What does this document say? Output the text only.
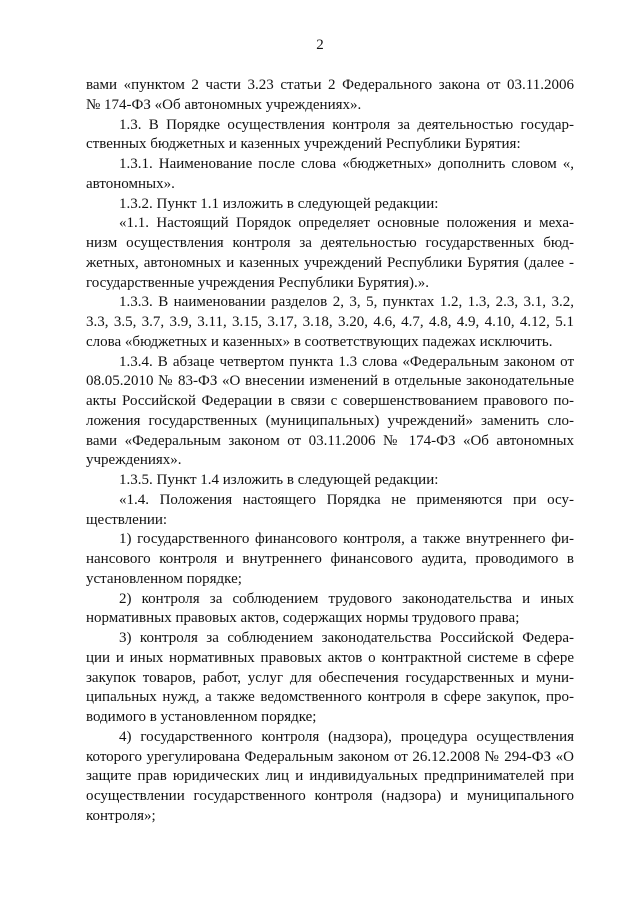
2
вами «пунктом 2 части 3.23 статьи 2 Федерального закона от 03.11.2006
№ 174-ФЗ «Об автономных учреждениях».
1.3. В Порядке осуществления контроля за деятельностью государ-
ственных бюджетных и казенных учреждений Республики Бурятия:
1.3.1. Наименование после слова «бюджетных» дополнить словом «,
автономных».
1.3.2. Пункт 1.1 изложить в следующей редакции:
«1.1. Настоящий Порядок определяет основные положения и меха-
низм осуществления контроля за деятельностью государственных бюд-
жетных, автономных и казенных учреждений Республики Бурятия (далее -
государственные учреждения Республики Бурятия).».
1.3.3. В наименовании разделов 2, 3, 5, пунктах 1.2, 1.3, 2.3, 3.1, 3.2,
3.3, 3.5, 3.7, 3.9, 3.11, 3.15, 3.17, 3.18, 3.20, 4.6, 4.7, 4.8, 4.9, 4.10, 4.12, 5.1
слова «бюджетных и казенных» в соответствующих падежах исключить.
1.3.4. В абзаце четвертом пункта 1.3 слова «Федеральным законом от
08.05.2010 № 83-ФЗ «О внесении изменений в отдельные законодательные
акты Российской Федерации в связи с совершенствованием правового по-
ложения государственных (муниципальных) учреждений» заменить сло-
вами «Федеральным законом от 03.11.2006 № 174-ФЗ «Об автономных
учреждениях».
1.3.5. Пункт 1.4 изложить в следующей редакции:
«1.4. Положения настоящего Порядка не применяются при осу-
ществлении:
1) государственного финансового контроля, а также внутреннего фи-
нансового контроля и внутреннего финансового аудита, проводимого в
установленном порядке;
2) контроля за соблюдением трудового законодательства и иных
нормативных правовых актов, содержащих нормы трудового права;
3) контроля за соблюдением законодательства Российской Федера-
ции и иных нормативных правовых актов о контрактной системе в сфере
закупок товаров, работ, услуг для обеспечения государственных и муни-
ципальных нужд, а также ведомственного контроля в сфере закупок, про-
водимого в установленном порядке;
4) государственного контроля (надзора), процедура осуществления
которого урегулирована Федеральным законом от 26.12.2008 № 294-ФЗ «О
защите прав юридических лиц и индивидуальных предпринимателей при
осуществлении государственного контроля (надзора) и муниципального
контроля»;
